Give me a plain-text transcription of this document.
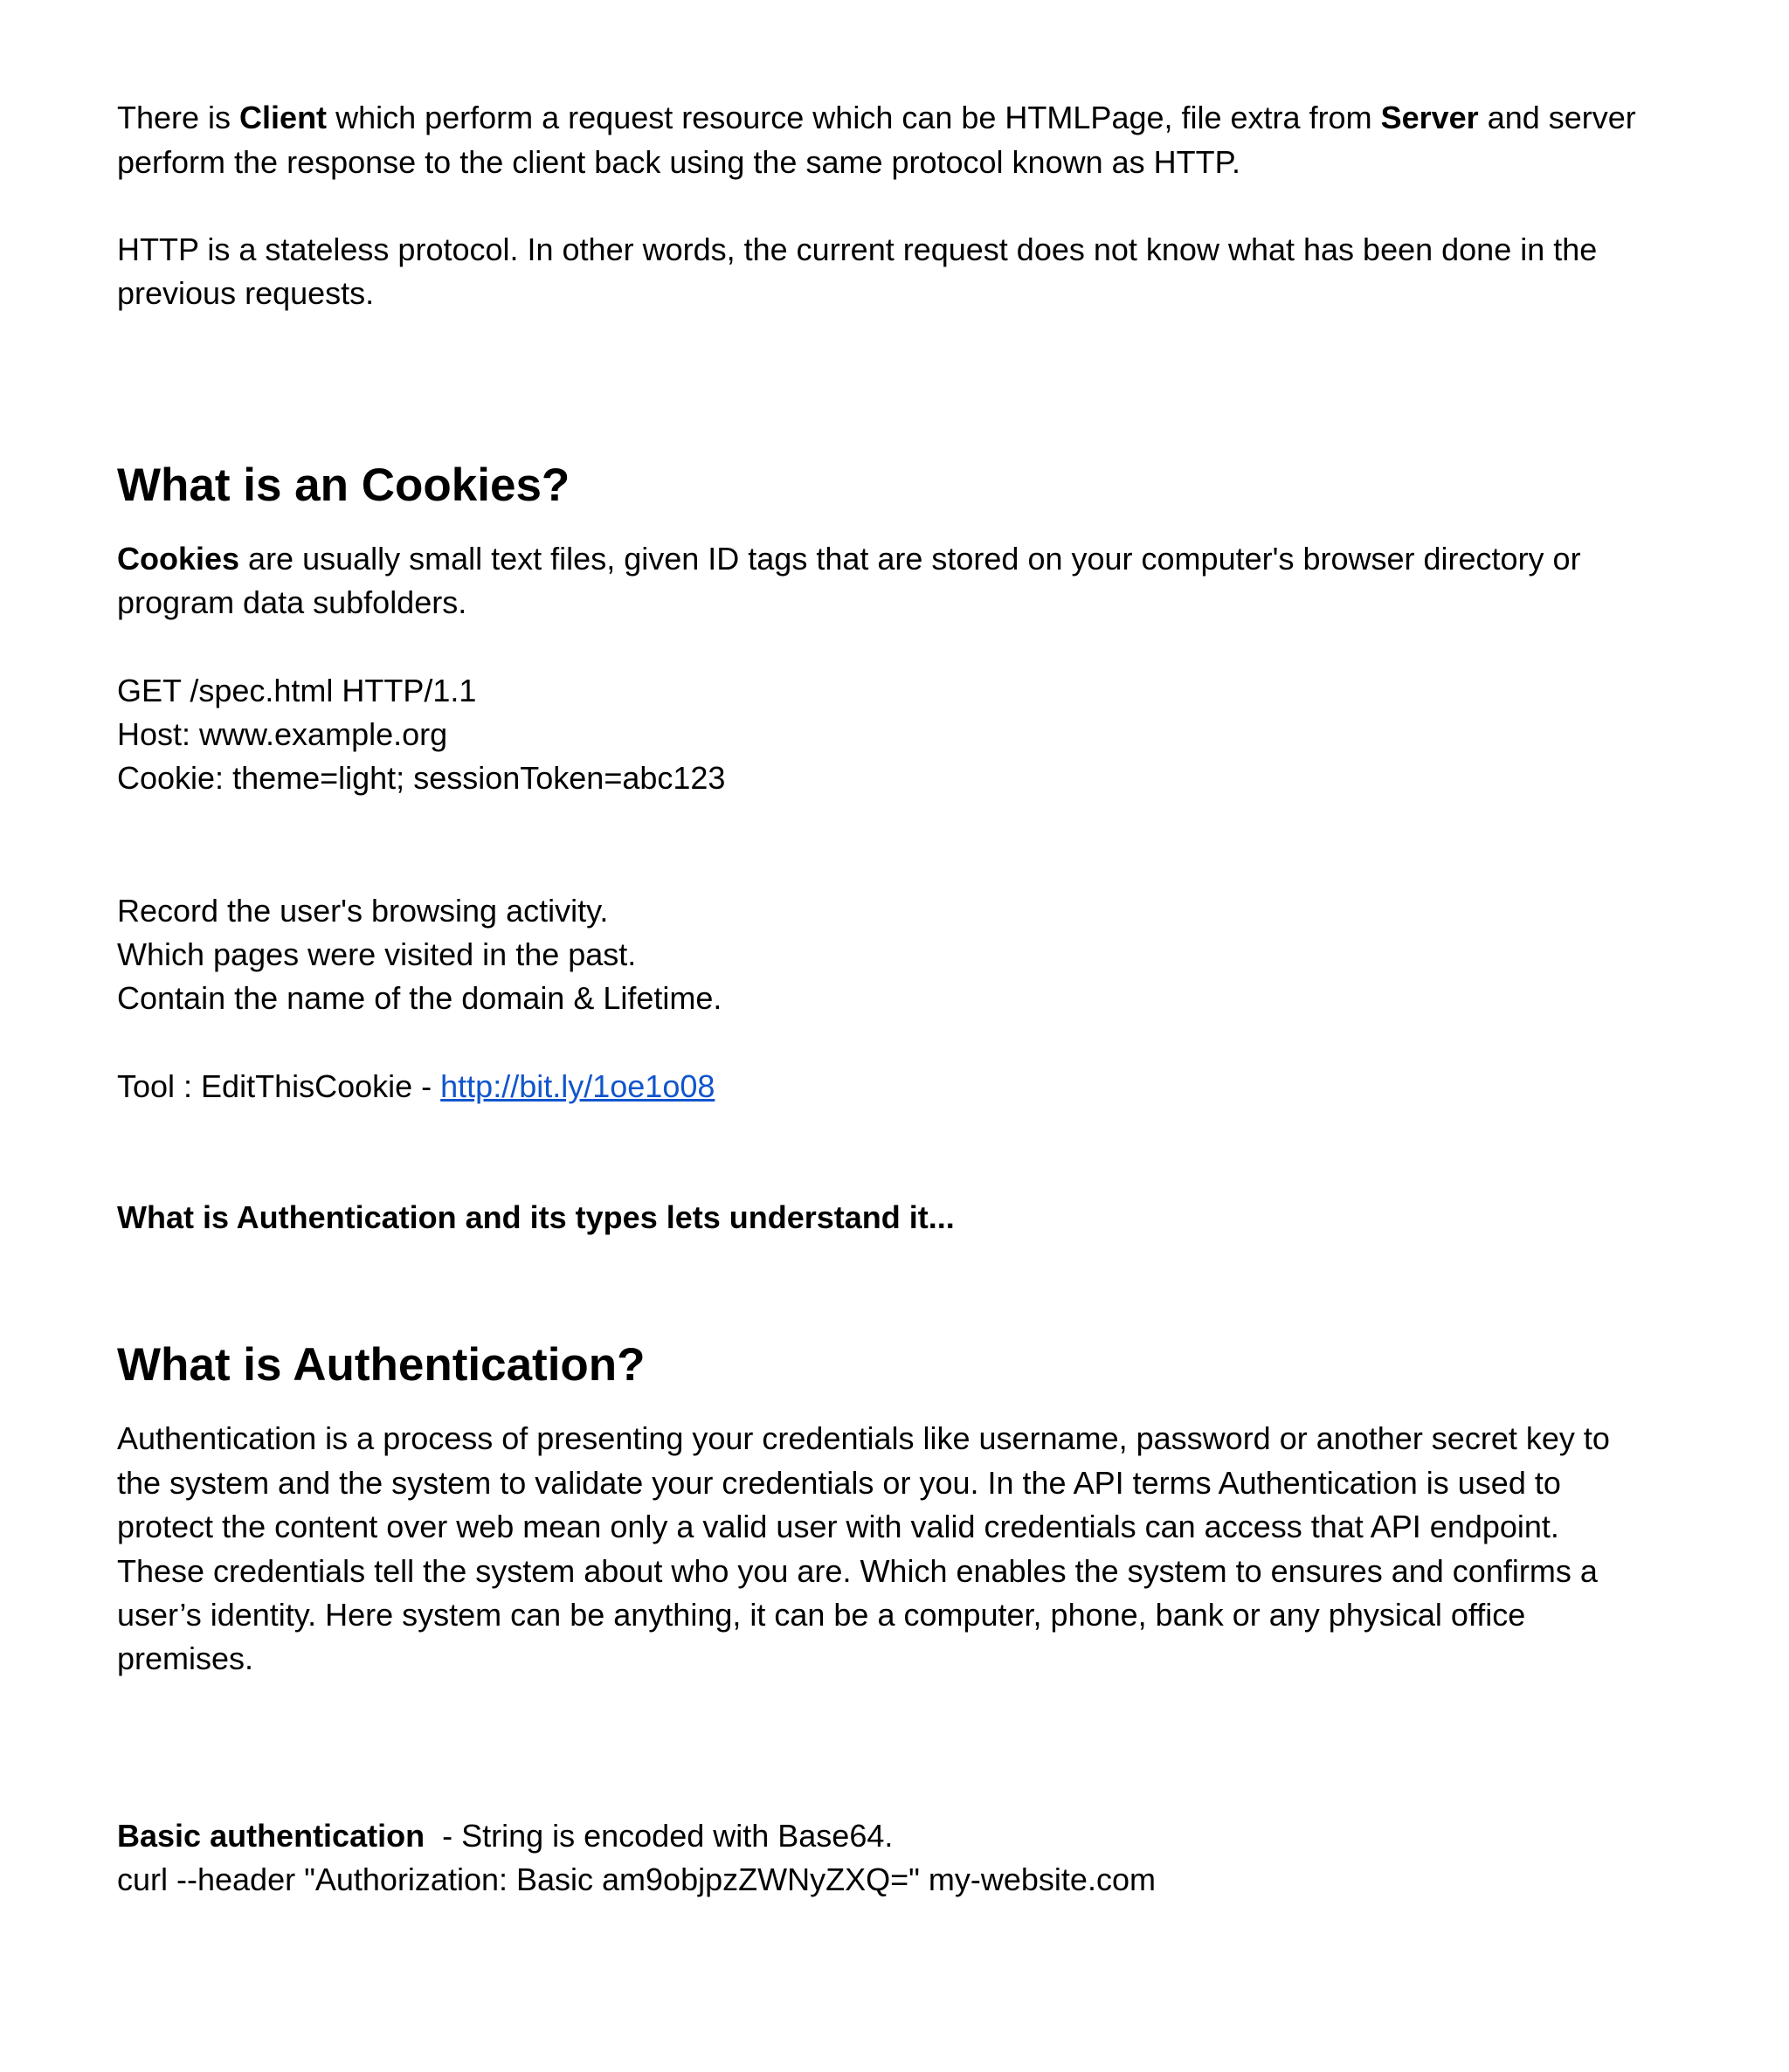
There is Client which perform a request resource which can be HTMLPage, file extra from Server and server
perform the response to the client back using the same protocol known as HTTP.
HTTP is a stateless protocol. In other words, the current request does not know what has been done in the
previous requests.
What is an Cookies?
Cookies are usually small text files, given ID tags that are stored on your computer's browser directory or
program data subfolders.
GET /spec.html HTTP/1.1
Host: www.example.org
Cookie: theme=light; sessionToken=abc123
Record the user's browsing activity.
Which pages were visited in the past.
Contain the name of the domain & Lifetime.
Tool : EditThisCookie - http://bit.ly/1oe1o08
What is Authentication and its types lets understand it...
What is Authentication?
Authentication is a process of presenting your credentials like username, password or another secret key to
the system and the system to validate your credentials or you. In the API terms Authentication is used to
protect the content over web mean only a valid user with valid credentials can access that API endpoint.
These credentials tell the system about who you are. Which enables the system to ensures and confirms a
user’s identity. Here system can be anything, it can be a computer, phone, bank or any physical office
premises.
Basic authentication  - String is encoded with Base64.
curl --header "Authorization: Basic am9objpzZWNyZXQ=" my-website.com
